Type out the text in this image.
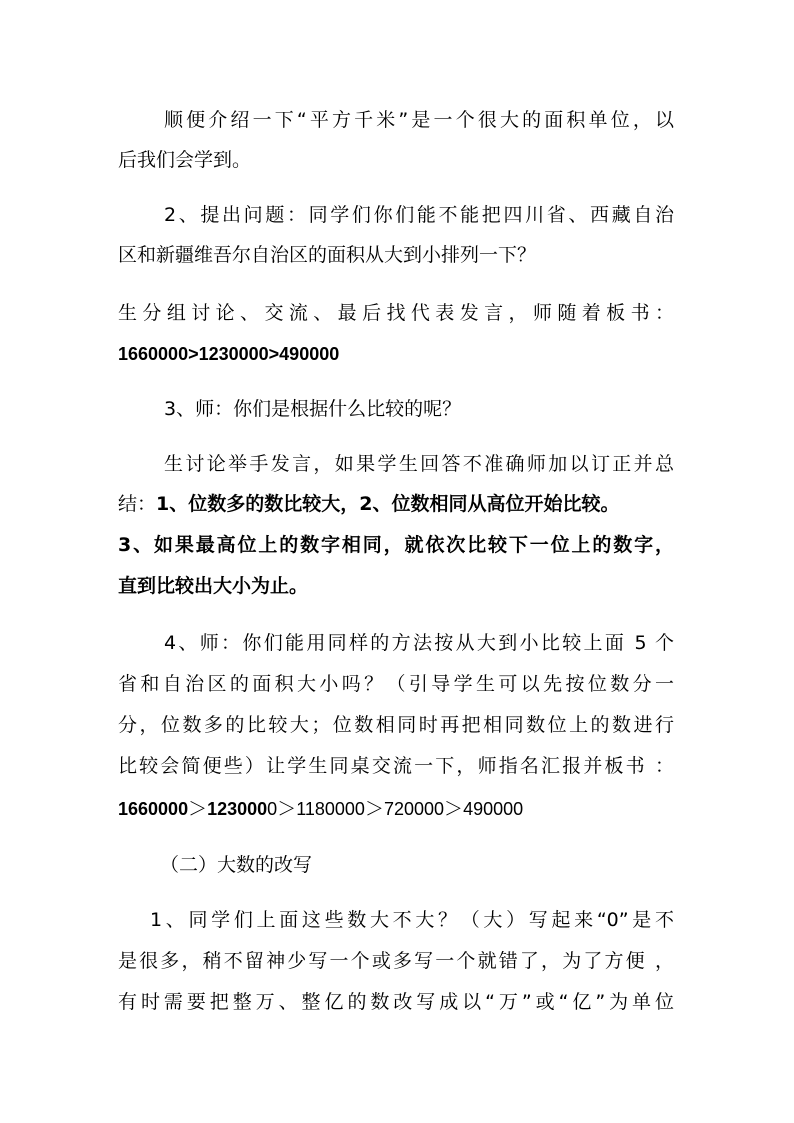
顺便介绍一下“平方千米”是一个很大的面积单位，以
后我们会学到。
2、提出问题：同学们你们能不能把四川省、西藏自治
区和新疆维吾尔自治区的面积从大到小排列一下？
生分组讨论、交流、最后找代表发言，师随着板书：
1660000>1230000>490000
3、师：你们是根据什么比较的呢？
生讨论举手发言，如果学生回答不准确师加以订正并总
结：1、位数多的数比较大，2、位数相同从高位开始比较。
3、如果最高位上的数字相同，就依次比较下一位上的数字，
直到比较出大小为止。
4、师：你们能用同样的方法按从大到小比较上面 5 个
省和自治区的面积大小吗？（引导学生可以先按位数分一
分，位数多的比较大；位数相同时再把相同数位上的数进行
比较会简便些）让学生同桌交流一下，师指名汇报并板书 ：
1660000＞1230000＞1180000＞720000＞490000
（二）大数的改写
1、同学们上面这些数大不大？（大）写起来“0”是不
是很多，稍不留神少写一个或多写一个就错了，为了方便 ，
有时需要把整万、整亿的数改写成以“万”或“亿”为单位
